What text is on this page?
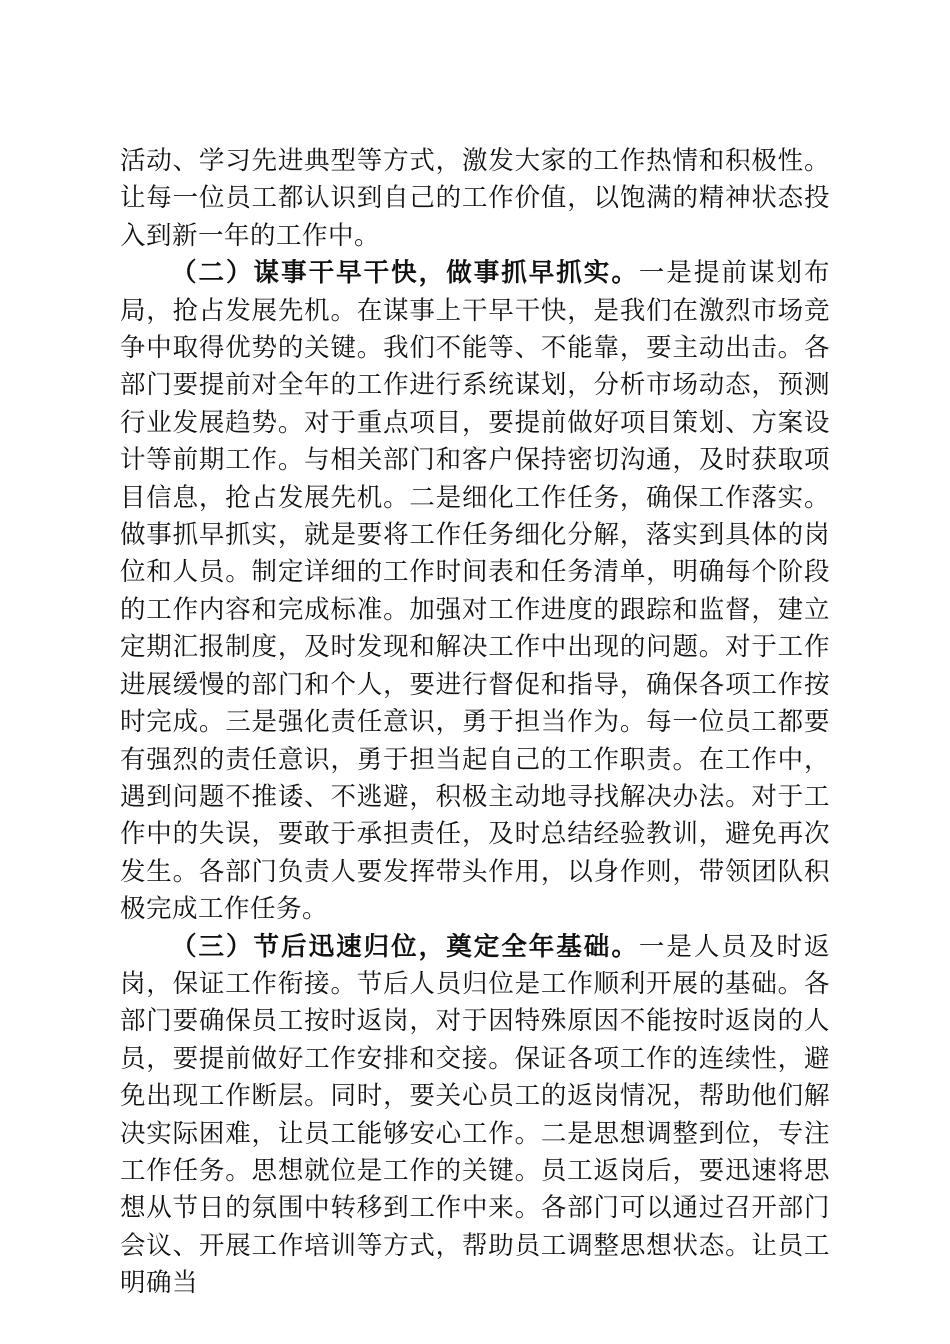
活动、学习先进典型等方式，激发大家的工作热情和积极性。让每一位员工都认识到自己的工作价值，以饱满的精神状态投入到新一年的工作中。

（二）谋事干早干快，做事抓早抓实。一是提前谋划布局，抢占发展先机。在谋事上干早干快，是我们在激烈市场竞争中取得优势的关键。我们不能等、不能靠，要主动出击。各部门要提前对全年的工作进行系统谋划，分析市场动态，预测行业发展趋势。对于重点项目，要提前做好项目策划、方案设计等前期工作。与相关部门和客户保持密切沟通，及时获取项目信息，抢占发展先机。二是细化工作任务，确保工作落实。做事抓早抓实，就是要将工作任务细化分解，落实到具体的岗位和人员。制定详细的工作时间表和任务清单，明确每个阶段的工作内容和完成标准。加强对工作进度的跟踪和监督，建立定期汇报制度，及时发现和解决工作中出现的问题。对于工作进展缓慢的部门和个人，要进行督促和指导，确保各项工作按时完成。三是强化责任意识，勇于担当作为。每一位员工都要有强烈的责任意识，勇于担当起自己的工作职责。在工作中，遇到问题不推诿、不逃避，积极主动地寻找解决办法。对于工作中的失误，要敢于承担责任，及时总结经验教训，避免再次发生。各部门负责人要发挥带头作用，以身作则，带领团队积极完成工作任务。

（三）节后迅速归位，奠定全年基础。一是人员及时返岗，保证工作衔接。节后人员归位是工作顺利开展的基础。各部门要确保员工按时返岗，对于因特殊原因不能按时返岗的人员，要提前做好工作安排和交接。保证各项工作的连续性，避免出现工作断层。同时，要关心员工的返岗情况，帮助他们解决实际困难，让员工能够安心工作。二是思想调整到位，专注工作任务。思想就位是工作的关键。员工返岗后，要迅速将思想从节日的氛围中转移到工作中来。各部门可以通过召开部门会议、开展工作培训等方式，帮助员工调整思想状态。让员工明确当
